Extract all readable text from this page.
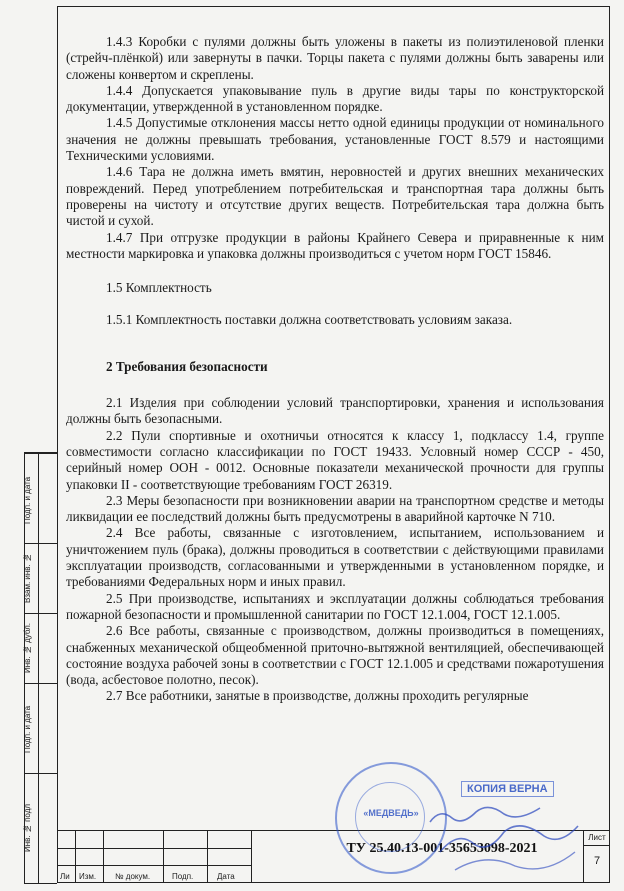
1.4.3 Коробки с пулями должны быть уложены в пакеты из полиэтиленовой пленки (стрейч-плёнкой) или завернуты в пачки. Торцы пакета с пулями должны быть заварены или сложены конвертом и скреплены.

1.4.4 Допускается упаковывание пуль в другие виды тары по конструкторской документации, утвержденной в установленном порядке.

1.4.5 Допустимые отклонения массы нетто одной единицы продукции от номинального значения не должны превышать требования, установленные ГОСТ 8.579 и настоящими Техническими условиями.

1.4.6 Тара не должна иметь вмятин, неровностей и других внешних механических повреждений. Перед употреблением потребительская и транспортная тара должны быть проверены на чистоту и отсутствие других веществ. Потребительская тара должна быть чистой и сухой.

1.4.7 При отгрузке продукции в районы Крайнего Севера и приравненные к ним местности маркировка и упаковка должны производиться с учетом норм ГОСТ 15846.

1.5 Комплектность

1.5.1 Комплектность поставки должна соответствовать условиям заказа.

2 Требования безопасности

2.1 Изделия при соблюдении условий транспортировки, хранения и использования должны быть безопасными.

2.2 Пули спортивные и охотничьи относятся к классу 1, подклассу 1.4, группе совместимости согласно классификации по ГОСТ 19433. Условный номер СССР - 450, серийный номер ООН - 0012. Основные показатели механической прочности для группы упаковки II - соответствующие требованиям ГОСТ 26319.

2.3 Меры безопасности при возникновении аварии на транспортном средстве и методы ликвидации ее последствий должны быть предусмотрены в аварийной карточке N 710.

2.4 Все работы, связанные с изготовлением, испытанием, использованием и уничтожением пуль (брака), должны проводиться в соответствии с действующими правилами эксплуатации производств, согласованными и утвержденными в установленном порядке, и требованиями Федеральных норм и иных правил.

2.5 При производстве, испытаниях и эксплуатации должны соблюдаться требования пожарной безопасности и промышленной санитарии по ГОСТ 12.1.004, ГОСТ 12.1.005.

2.6 Все работы, связанные с производством, должны производиться в помещениях, снабженных механической общеобменной приточно-вытяжной вентиляцией, обеспечивающей состояние воздуха рабочей зоны в соответствии с ГОСТ 12.1.005 и средствами пожаротушения (вода, асбестовое полотно, песок).

2.7 Все работники, занятые в производстве, должны проходить регулярные

Подп. и дата
Взам. инв. №
Инв. № дубл.
Подп. и дата
Инв. № подл
Ли Изм. № докум.	Подп.	Дата
ТУ 25.40.13-001-35653098-2021
Лист
7
«МЕДВЕДЬ»
КОПИЯ ВЕРНА
